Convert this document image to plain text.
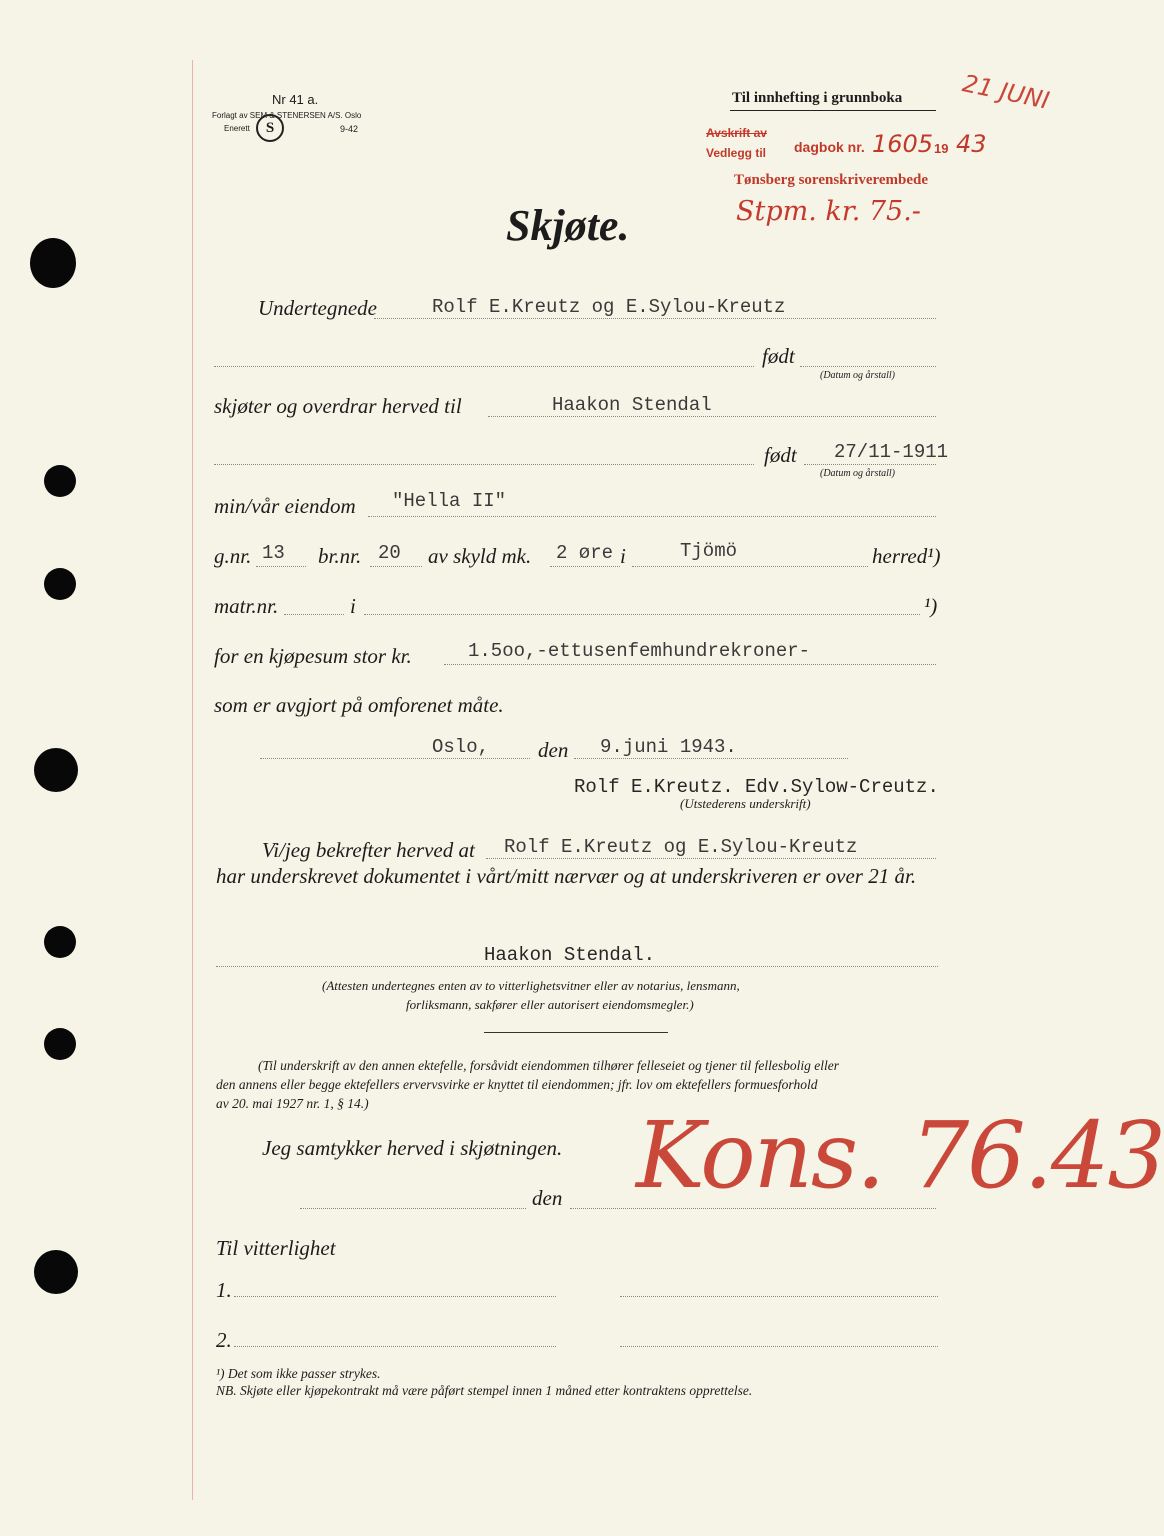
Nr 41 a.
Forlagt av SEM & STENERSEN A/S. Oslo
Enerett	S	9-42
Til innhefting i grunnboka 21 JUNI
Avskrift av
Vedlegg til dagbok nr. 1605 19 43
Tønsberg sorenskriverembede
Stpm. kr. 75.-
Skjøte.
Undertegnede	Rolf E.Kreutz og E.Sylou-Kreutz
født
(Datum og årstall)
skjøter og overdrar herved til	Haakon Stendal
født 27/11-1911
(Datum og årstall)
min/vår eiendom "Hella II"
g.nr. 13 br.nr. 20 av skyld mk. 2 øre i	Tjömö	herred¹)
matr.nr.	i	¹)
for en kjøpesum stor kr.	1.5oo,-ettusenfemhundrekroner-
som er avgjort på omforenet måte.
Oslo, den 9.juni 1943.
Rolf E.Kreutz. Edv.Sylow-Creutz.
(Utstederens underskrift)
Vi/jeg bekrefter herved at Rolf E.Kreutz og E.Sylou-Kreutz
har underskrevet dokumentet i vårt/mitt nærvær og at underskriveren er over 21 år.
Haakon Stendal.
(Attesten undertegnes enten av to vitterlighetsvitner eller av notarius, lensmann,
forliksmann, sakfører eller autorisert eiendomsmegler.)
(Til underskrift av den annen ektefelle, forsåvidt eiendommen tilhører felleseiet og tjener til fellesbolig eller
den annens eller begge ektefellers ervervsvirke er knyttet til eiendommen; jfr. lov om ektefellers formuesforhold
av 20. mai 1927 nr. 1, § 14.)
Jeg samtykker herved i skjøtningen.
den Kons. 76.43
Til vitterlighet
1.
2.
¹) Det som ikke passer strykes.
NB. Skjøte eller kjøpekontrakt må være påført stempel innen 1 måned etter kontraktens opprettelse.
